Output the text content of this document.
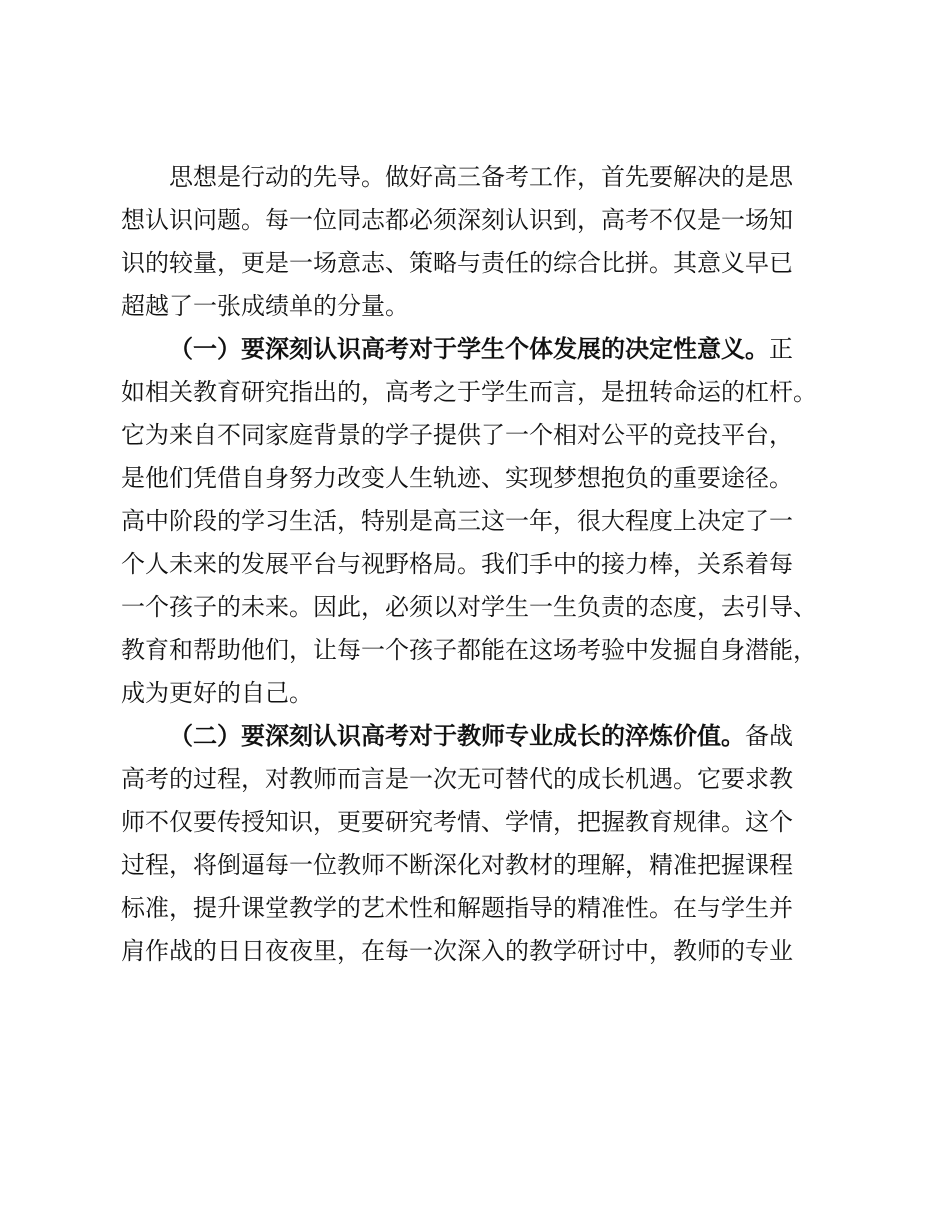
思想是行动的先导。做好高三备考工作，首先要解决的是思

想认识问题。每一位同志都必须深刻认识到，高考不仅是一场知

识的较量，更是一场意志、策略与责任的综合比拼。其意义早已

超越了一张成绩单的分量。

（一）要深刻认识高考对于学生个体发展的决定性意义。正

如相关教育研究指出的，高考之于学生而言，是扭转命运的杠杆。

它为来自不同家庭背景的学子提供了一个相对公平的竞技平台，

是他们凭借自身努力改变人生轨迹、实现梦想抱负的重要途径。

高中阶段的学习生活，特别是高三这一年，很大程度上决定了一

个人未来的发展平台与视野格局。我们手中的接力棒，关系着每

一个孩子的未来。因此，必须以对学生一生负责的态度，去引导、

教育和帮助他们，让每一个孩子都能在这场考验中发掘自身潜能，

成为更好的自己。

（二）要深刻认识高考对于教师专业成长的淬炼价值。备战

高考的过程，对教师而言是一次无可替代的成长机遇。它要求教

师不仅要传授知识，更要研究考情、学情，把握教育规律。这个

过程，将倒逼每一位教师不断深化对教材的理解，精准把握课程

标准，提升课堂教学的艺术性和解题指导的精准性。在与学生并

肩作战的日日夜夜里，在每一次深入的教学研讨中，教师的专业
